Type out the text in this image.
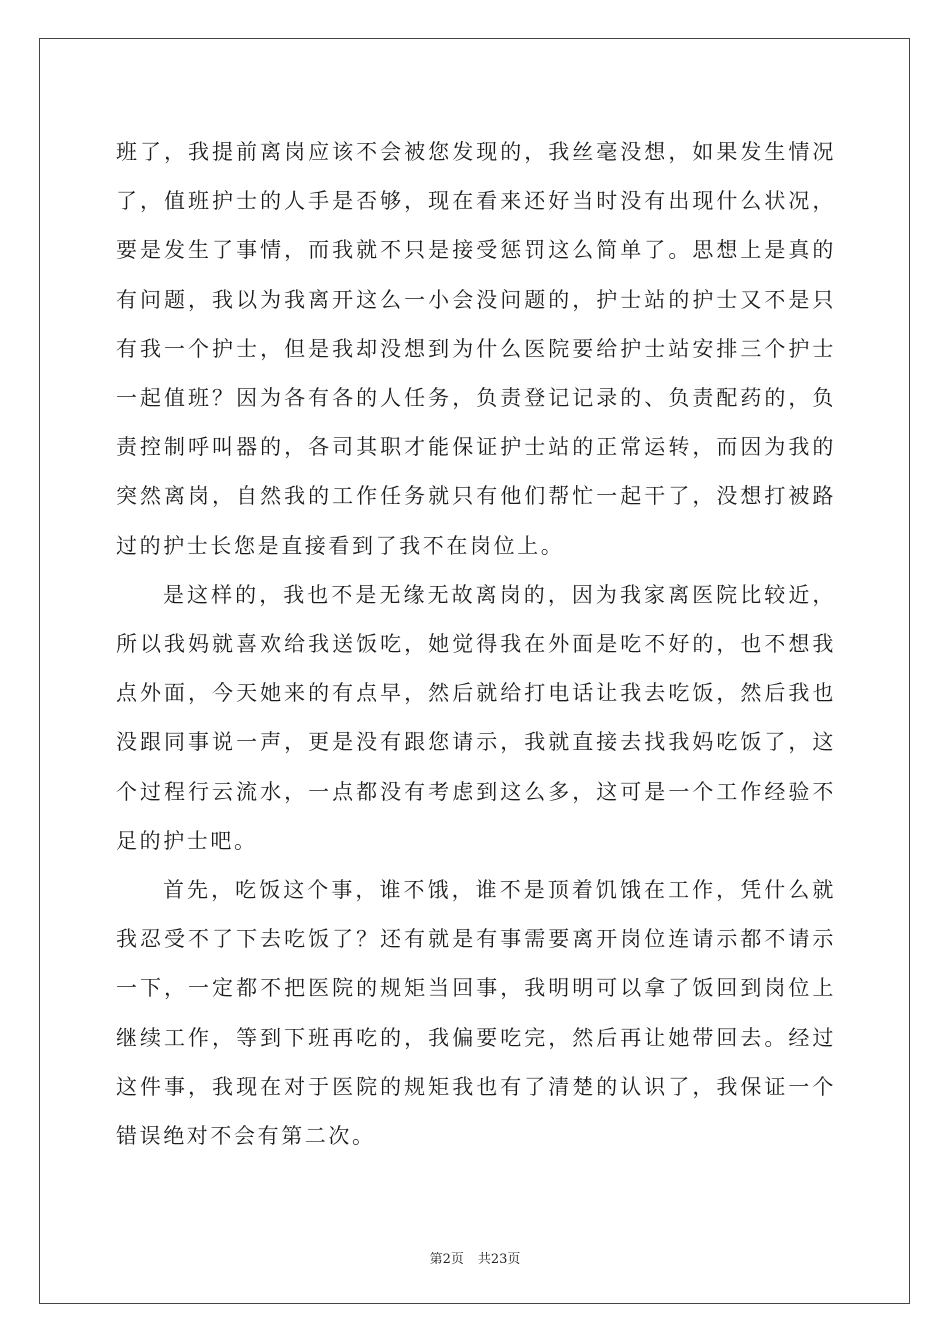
班了，我提前离岗应该不会被您发现的，我丝毫没想，如果发生情况了，值班护士的人手是否够，现在看来还好当时没有出现什么状况，要是发生了事情，而我就不只是接受惩罚这么简单了。思想上是真的有问题，我以为我离开这么一小会没问题的，护士站的护士又不是只有我一个护士，但是我却没想到为什么医院要给护士站安排三个护士一起值班？因为各有各的人任务，负责登记记录的、负责配药的，负责控制呼叫器的，各司其职才能保证护士站的正常运转，而因为我的突然离岗，自然我的工作任务就只有他们帮忙一起干了，没想打被路过的护士长您是直接看到了我不在岗位上。

是这样的，我也不是无缘无故离岗的，因为我家离医院比较近，所以我妈就喜欢给我送饭吃，她觉得我在外面是吃不好的，也不想我点外面，今天她来的有点早，然后就给打电话让我去吃饭，然后我也没跟同事说一声，更是没有跟您请示，我就直接去找我妈吃饭了，这个过程行云流水，一点都没有考虑到这么多，这可是一个工作经验不足的护士吧。

首先，吃饭这个事，谁不饿，谁不是顶着饥饿在工作，凭什么就我忍受不了下去吃饭了？还有就是有事需要离开岗位连请示都不请示一下，一定都不把医院的规矩当回事，我明明可以拿了饭回到岗位上继续工作，等到下班再吃的，我偏要吃完，然后再让她带回去。经过这件事，我现在对于医院的规矩我也有了清楚的认识了，我保证一个错误绝对不会有第二次。

第2页 共23页
